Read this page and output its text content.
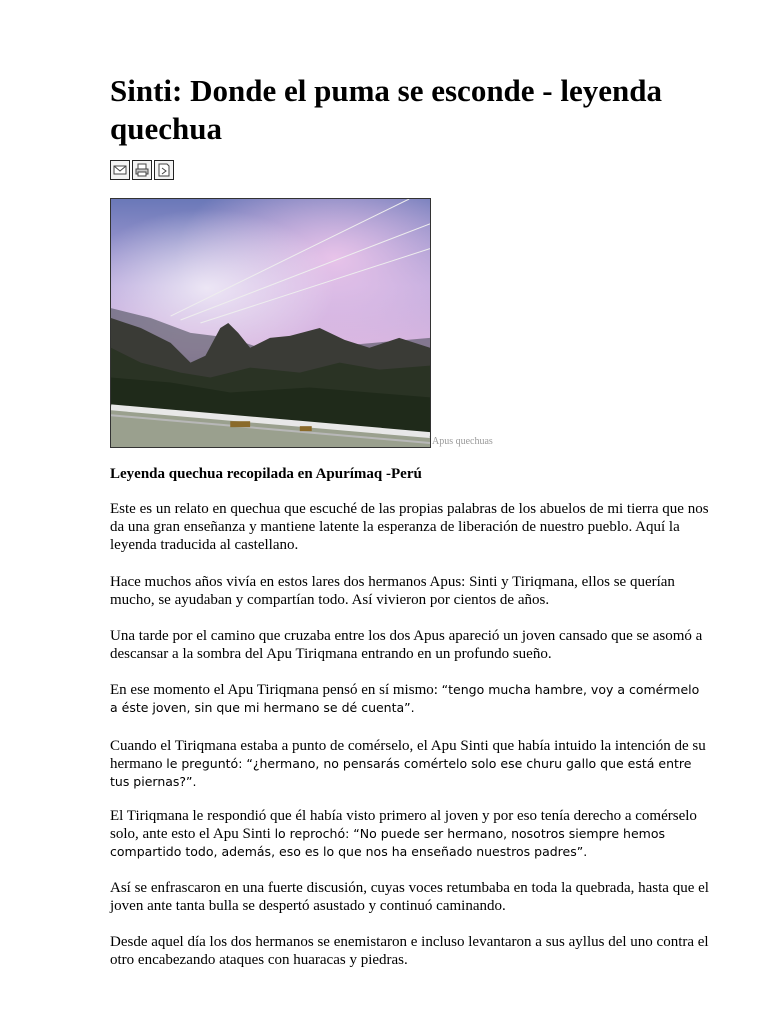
Sinti: Donde el puma se esconde - leyenda quechua
Apus quechuas
Leyenda quechua recopilada en Apurímaq -Perú

Este es un relato en quechua que escuché de las propias palabras de los abuelos de mi tierra que nos da una gran enseñanza y mantiene latente la esperanza de liberación de nuestro pueblo. Aquí la leyenda traducida al castellano.

Hace muchos años vivía en estos lares dos hermanos Apus: Sinti y Tiriqmana, ellos se querían mucho, se ayudaban y compartían todo. Así vivieron por cientos de años.

Una tarde por el camino que cruzaba entre los dos Apus apareció un joven cansado que se asomó a descansar a la sombra del Apu Tiriqmana entrando en un profundo sueño.

En ese momento el Apu Tiriqmana pensó en sí mismo: “tengo mucha hambre, voy a comérmelo a éste joven, sin que mi hermano se dé cuenta”.

Cuando el Tiriqmana estaba a punto de comérselo, el Apu Sinti que había intuido la intención de su hermano le preguntó: “¿hermano, no pensarás comértelo solo ese churu gallo que está entre tus piernas?”.

El Tiriqmana le respondió que él había visto primero al joven y por eso tenía derecho a comérselo solo, ante esto el Apu Sinti lo reprochó: “No puede ser hermano, nosotros siempre hemos compartido todo, además, eso es lo que nos ha enseñado nuestros padres”.

Así se enfrascaron en una fuerte discusión, cuyas voces retumbaba en toda la quebrada, hasta que el joven ante tanta bulla se despertó asustado y continuó caminando.

Desde aquel día los dos hermanos se enemistaron e incluso levantaron a sus ayllus del uno contra el otro encabezando ataques con huaracas y piedras.
